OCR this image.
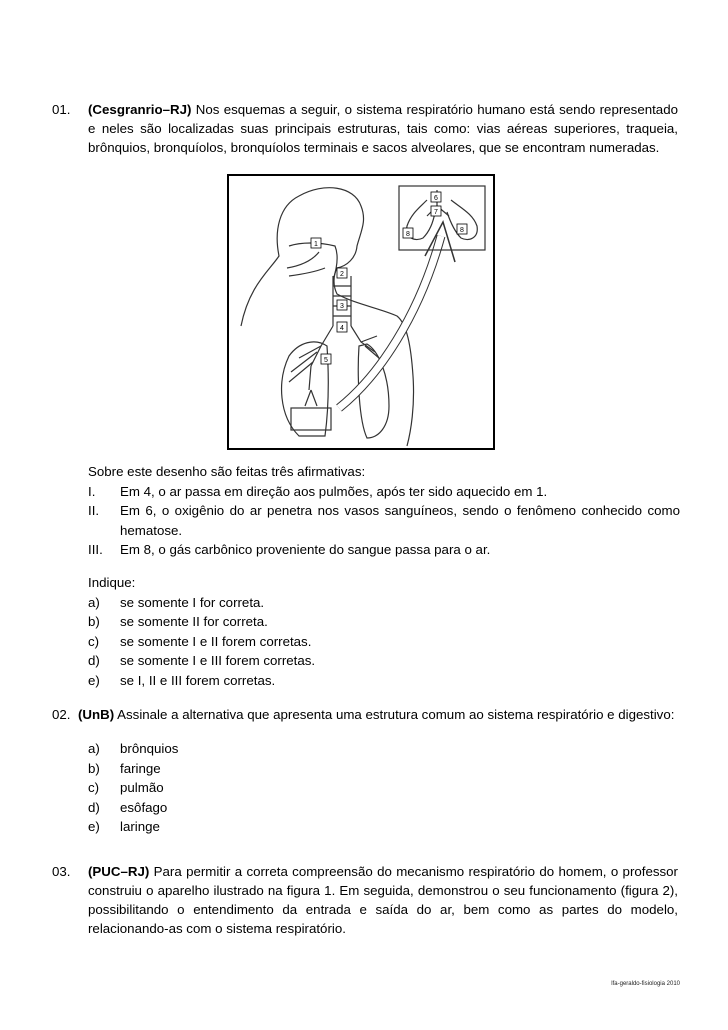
01. (Cesgranrio–RJ) Nos esquemas a seguir, o sistema respiratório humano está sendo representado e neles são localizadas suas principais estruturas, tais como: vias aéreas superiores, traqueia, brônquios, bronquíolos, bronquíolos terminais e sacos alveolares, que se encontram numeradas.
1
2
3
4
5
6
7
8
8
Sobre este desenho são feitas três afirmativas:
I. Em 4, o ar passa em direção aos pulmões, após ter sido aquecido em 1.
II. Em 6, o oxigênio do ar penetra nos vasos sanguíneos, sendo o fenômeno conhecido como hematose.
III. Em 8, o gás carbônico proveniente do sangue passa para o ar.
Indique:
a) se somente I for correta.
b) se somente II for correta.
c) se somente I e II forem corretas.
d) se somente I e III forem corretas.
e) se I, II e III forem corretas.
02. (UnB) Assinale a alternativa que apresenta uma estrutura comum ao sistema respiratório e digestivo:
a) brônquios
b) faringe
c) pulmão
d) esôfago
e) laringe
03. (PUC–RJ) Para permitir a correta compreensão do mecanismo respiratório do homem, o professor construiu o aparelho ilustrado na figura 1. Em seguida, demonstrou o seu funcionamento (figura 2), possibilitando o entendimento da entrada e saída do ar, bem como as partes do modelo, relacionando-as com o sistema respiratório.
lfa-geraldo-fisiologia 2010
